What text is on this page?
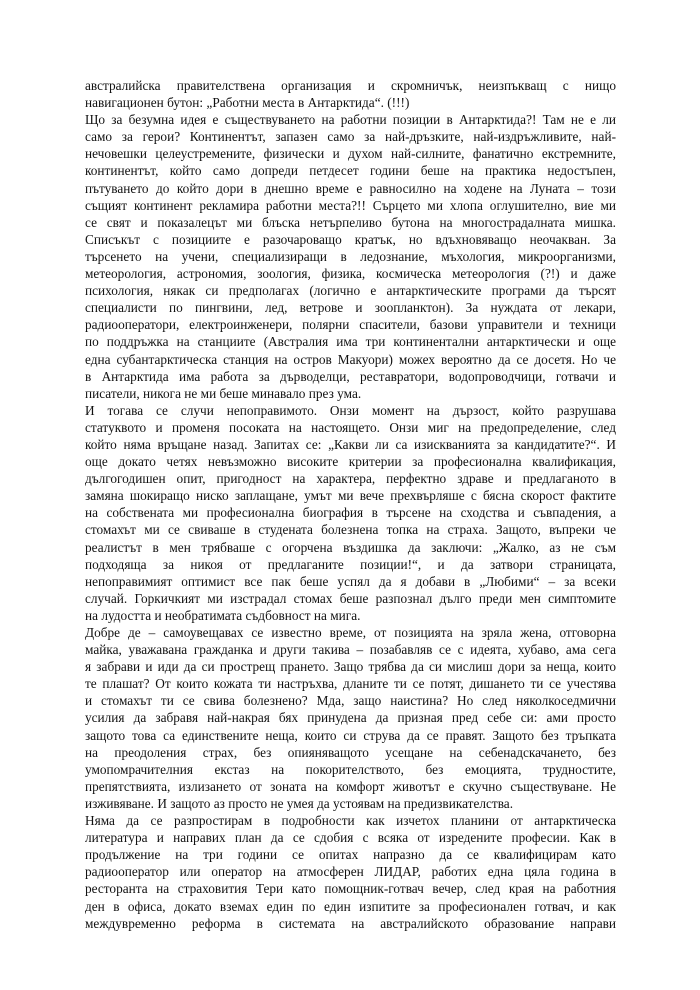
австралийска правителствена организация и скромничък, неизпъкващ с нищо
навигационен бутон: „Работни места в Антарктида“. (!!!)
Що за безумна идея е съществуването на работни позиции в Антарктида?! Там не е ли
само за герои? Континентът, запазен само за най-дръзките, най-издръжливите, най-
нечовешки целеустремените, физически и духом най-силните, фанатично екстремните,
континентът, който само допреди петдесет години беше на практика недостъпен,
пътуването до който дори в днешно време е равносилно на ходене на Луната – този
същият континент рекламира работни места?!! Сърцето ми хлопа оглушително, вие ми
се свят и показалецът ми блъска нетърпеливо бутона на многострадалната мишка.
Списъкът с позициите е разочароващо кратък, но вдъхновяващо неочакван. За
търсенето на учени, специализиращи в ледознание, мъхология, микроорганизми,
метеорология, астрономия, зоология, физика, космическа метеорология (?!) и даже
психология, някак си предполагах (логично е антарктическите програми да търсят
специалисти по пингвини, лед, ветрове и зоопланктон). За нуждата от лекари,
радиооператори, електроинженери, полярни спасители, базови управители и техници
по поддръжка на станциите (Австралия има три континентални антарктически и още
една субантарктическа станция на остров Макуори) можех вероятно да се досетя. Но че
в Антарктида има работа за дърводелци, реставратори, водопроводчици, готвачи и
писатели, никога не ми беше минавало през ума.
И тогава се случи непоправимото. Онзи момент на дързост, който разрушава
статуквото и променя посоката на настоящето. Онзи миг на предопределение, след
който няма връщане назад. Запитах се: „Какви ли са изискванията за кандидатите?“. И
още докато четях невъзможно високите критерии за професионална квалификация,
дългогодишен опит, пригодност на характера, перфектно здраве и предлаганото в
замяна шокиращо ниско заплащане, умът ми вече прехвърляше с бясна скорост фактите
на собствената ми професионална биография в търсене на сходства и съвпадения, а
стомахът ми се свиваше в студената болезнена топка на страха. Защото, въпреки че
реалистът в мен трябваше с огорчена въздишка да заключи: „Жалко, аз не съм
подходяща за никоя от предлаганите позиции!“, и да затвори страницата,
непоправимият оптимист все пак беше успял да я добави в „Любими“ – за всеки
случай. Горкичкият ми изстрадал стомах беше разпознал дълго преди мен симптомите
на лудостта и необратимата съдбовност на мига.
Добре де – самоувещавах се известно време, от позицията на зряла жена, отговорна
майка, уважавана гражданка и други такива – позабавляв се с идеята, хубаво, ама сега
я забрави и иди да си прострещ прането. Защо трябва да си мислиш дори за неща, които
те плашат? От които кожата ти настръхва, дланите ти се потят, дишането ти се учестява
и стомахът ти се свива болезнено? Мда, защо наистина? Но след няколкоседмични
усилия да забравя най-накрая бях принудена да призная пред себе си: ами просто
защото това са единствените неща, които си струва да се правят. Защото без тръпката
на преодоления страх, без опияняващото усещане на себенадскачането, без
умопомрачителния екстаз на покорителството, без емоцията, трудностите,
препятствията, излизането от зоната на комфорт животът е скучно съществуване. Не
изживяване. И защото аз просто не умея да устоявам на предизвикателства.
Няма да се разпростирам в подробности как изчетох планини от антарктическа
литература и направих план да се сдобия с всяка от изредените професии. Как в
продължение на три години се опитах напразно да се квалифицирам като
радиооператор или оператор на атмосферен ЛИДАР, работих една цяла година в
ресторанта на страховития Тери като помощник-готвач вечер, след края на работния
ден в офиса, докато вземах един по един изпитите за професионален готвач, и как
междувременно реформа в системата на австралийското образование направи
